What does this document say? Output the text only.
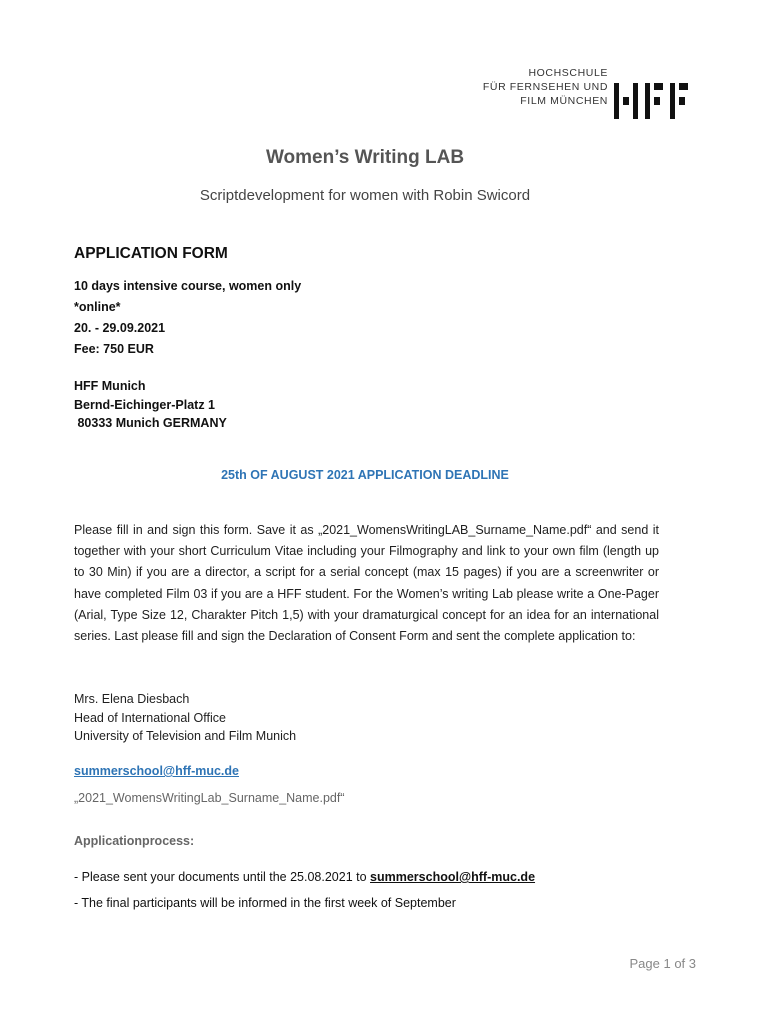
HOCHSCHULE
FÜR FERNSEHEN UND
FILM MÜNCHEN
Women’s Writing LAB
Scriptdevelopment for women with Robin Swicord
APPLICATION FORM
10 days intensive course, women only
*online*
20. - 29.09.2021
Fee: 750 EUR
HFF Munich
Bernd-Eichinger-Platz 1
80333 Munich GERMANY
25th OF AUGUST 2021 APPLICATION DEADLINE
Please fill in and sign this form. Save it as „2021_WomensWritingLAB_Surname_Name.pdf“ and send it together with your short Curriculum Vitae including your Filmography and link to your own film (length up to 30 Min) if you are a director, a script for a serial concept (max 15 pages) if you are a screenwriter or have completed Film 03 if you are a HFF student. For the Women’s writing Lab please write a One-Pager (Arial, Type Size 12, Charakter Pitch 1,5) with your dramaturgical concept for an idea for an international series. Last please fill and sign the Declaration of Consent Form and sent the complete application to:
Mrs. Elena Diesbach
Head of International Office
University of Television and Film Munich
summerschool@hff-muc.de
„2021_WomensWritingLab_Surname_Name.pdf“
Applicationprocess:
- Please sent your documents until the 25.08.2021 to summerschool@hff-muc.de
- The final participants will be informed in the first week of September
Page 1 of 3
